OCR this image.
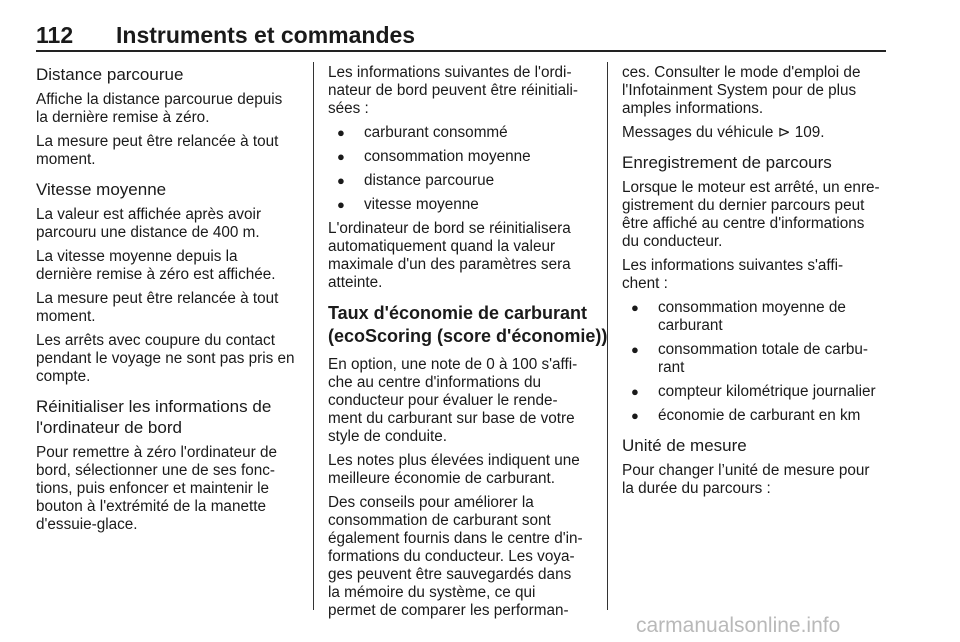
112 Instruments et commandes
Distance parcourue

Affiche la distance parcourue depuis
la dernière remise à zéro.

La mesure peut être relancée à tout
moment.

Vitesse moyenne

La valeur est affichée après avoir
parcouru une distance de 400 m.

La vitesse moyenne depuis la
dernière remise à zéro est affichée.

La mesure peut être relancée à tout
moment.

Les arrêts avec coupure du contact
pendant le voyage ne sont pas pris en
compte.

Réinitialiser les informations de
l'ordinateur de bord

Pour remettre à zéro l'ordinateur de
bord, sélectionner une de ses fonc-
tions, puis enfoncer et maintenir le
bouton à l'extrémité de la manette
d'essuie-glace.

Les informations suivantes de l'ordi-
nateur de bord peuvent être réinitiali-
sées :

● carburant consommé
● consommation moyenne
● distance parcourue
● vitesse moyenne

L'ordinateur de bord se réinitialisera
automatiquement quand la valeur
maximale d'un des paramètres sera
atteinte.

Taux d'économie de carburant
(ecoScoring (score d'économie))

En option, une note de 0 à 100 s'affi-
che au centre d'informations du
conducteur pour évaluer le rende-
ment du carburant sur base de votre
style de conduite.

Les notes plus élevées indiquent une
meilleure économie de carburant.

Des conseils pour améliorer la
consommation de carburant sont
également fournis dans le centre d'in-
formations du conducteur. Les voya-
ges peuvent être sauvegardés dans
la mémoire du système, ce qui
permet de comparer les performan-

ces. Consulter le mode d'emploi de
l'Infotainment System pour de plus
amples informations.

Messages du véhicule ⊳ 109.

Enregistrement de parcours

Lorsque le moteur est arrêté, un enre-
gistrement du dernier parcours peut
être affiché au centre d'informations
du conducteur.

Les informations suivantes s'affi-
chent :

● consommation moyenne de
carburant
● consommation totale de carbu-
rant
● compteur kilométrique journalier
● économie de carburant en km
Unité de mesure

Pour changer l’unité de mesure pour
la durée du parcours :

carmanualsonline.info
